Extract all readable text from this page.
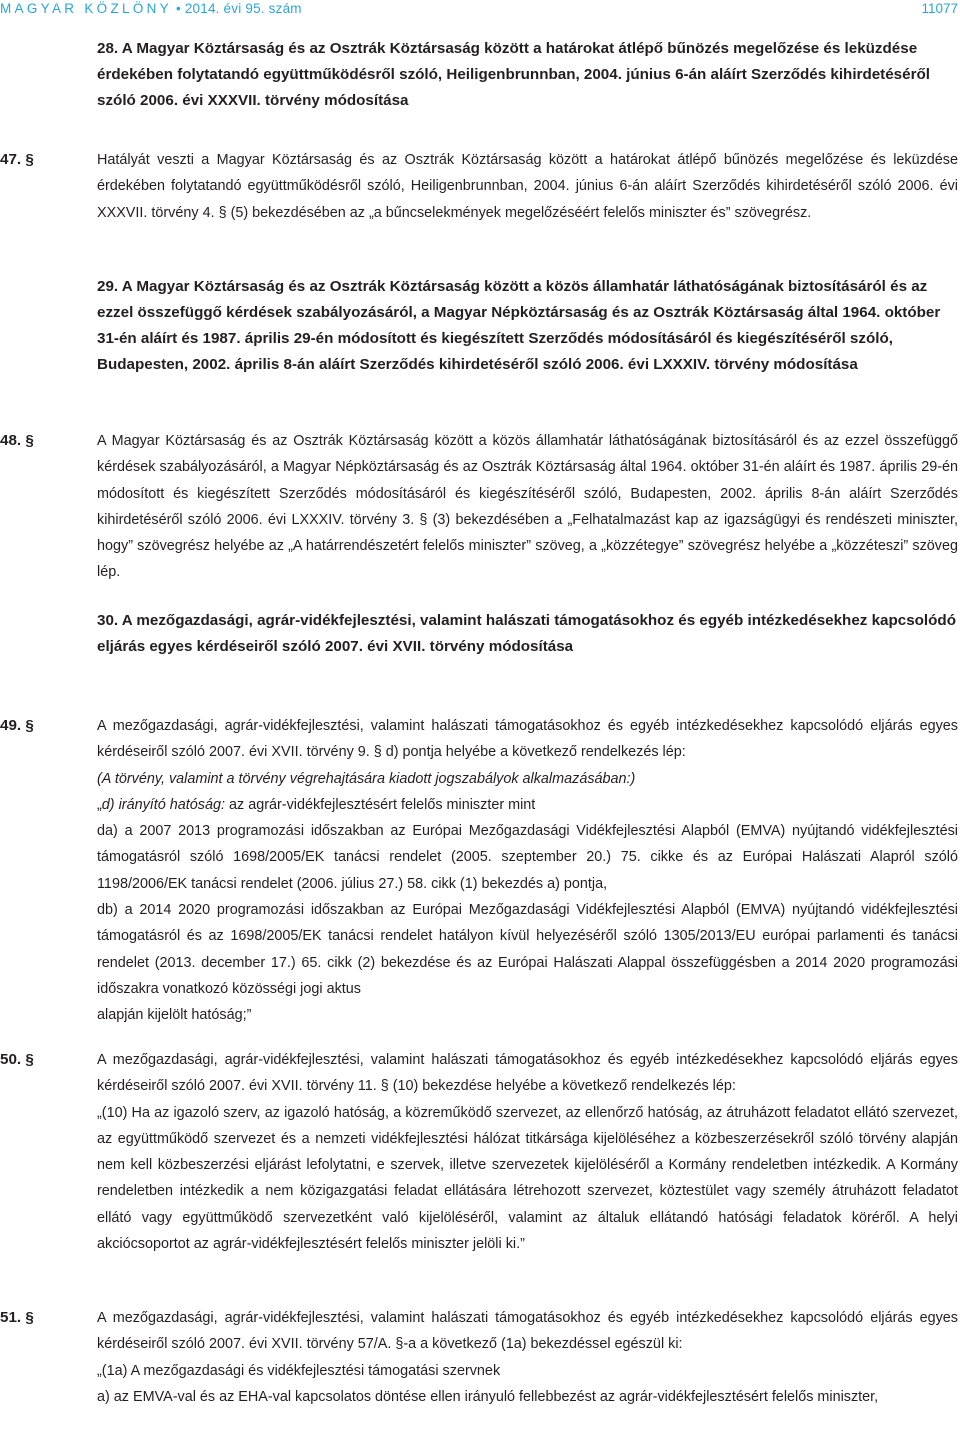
MAGYAR KÖZLÖNY • 2014. évi 95. szám	11077
28. A Magyar Köztársaság és az Osztrák Köztársaság között a határokat átlépő bűnözés megelőzése és leküzdése érdekében folytatandó együttműködésről szóló, Heiligenbrunnban, 2004. június 6-án aláírt Szerződés kihirdetéséről szóló 2006. évi XXXVII. törvény módosítása
47. §	Hatályát veszti a Magyar Köztársaság és az Osztrák Köztársaság között a határokat átlépő bűnözés megelőzése és leküzdése érdekében folytatandó együttműködésről szóló, Heiligenbrunnban, 2004. június 6-án aláírt Szerződés kihirdetéséről szóló 2006. évi XXXVII. törvény 4. § (5) bekezdésében az „a bűncselekmények megelőzéséért felelős miniszter és” szövegrész.
29. A Magyar Köztársaság és az Osztrák Köztársaság között a közös államhatár láthatóságának biztosításáról és az ezzel összefüggő kérdések szabályozásáról, a Magyar Népköztársaság és az Osztrák Köztársaság által 1964. október 31-én aláírt és 1987. április 29-én módosított és kiegészített Szerződés módosításáról és kiegészítéséről szóló, Budapesten, 2002. április 8-án aláírt Szerződés kihirdetéséről szóló 2006. évi LXXXIV. törvény módosítása
48. §	A Magyar Köztársaság és az Osztrák Köztársaság között a közös államhatár láthatóságának biztosításáról és az ezzel összefüggő kérdések szabályozásáról, a Magyar Népköztársaság és az Osztrák Köztársaság által 1964. október 31-én aláírt és 1987. április 29-én módosított és kiegészített Szerződés módosításáról és kiegészítéséről szóló, Budapesten, 2002. április 8-án aláírt Szerződés kihirdetéséről szóló 2006. évi LXXXIV. törvény 3. § (3) bekezdésében a „Felhatalmazást kap az igazságügyi és rendészeti miniszter, hogy” szövegrész helyébe az „A határrendészetért felelős miniszter” szöveg, a „közzétegye” szövegrész helyébe a „közzéteszi” szöveg lép.
30. A mezőgazdasági, agrár-vidékfejlesztési, valamint halászati támogatásokhoz és egyéb intézkedésekhez kapcsolódó eljárás egyes kérdéseiről szóló 2007. évi XVII. törvény módosítása
49. §	A mezőgazdasági, agrár-vidékfejlesztési, valamint halászati támogatásokhoz és egyéb intézkedésekhez kapcsolódó eljárás egyes kérdéseiről szóló 2007. évi XVII. törvény 9. § d) pontja helyébe a következő rendelkezés lép:
(A törvény, valamint a törvény végrehajtására kiadott jogszabályok alkalmazásában:)
„d) irányító hatóság: az agrár-vidékfejlesztésért felelős miniszter mint
da) a 2007 2013 programozási időszakban az Európai Mezőgazdasági Vidékfejlesztési Alapból (EMVA) nyújtandó vidékfejlesztési támogatásról szóló 1698/2005/EK tanácsi rendelet (2005. szeptember 20.) 75. cikke és az Európai Halászati Alapról szóló 1198/2006/EK tanácsi rendelet (2006. július 27.) 58. cikk (1) bekezdés a) pontja,
db) a 2014 2020 programozási időszakban az Európai Mezőgazdasági Vidékfejlesztési Alapból (EMVA) nyújtandó vidékfejlesztési támogatásról és az 1698/2005/EK tanácsi rendelet hatályon kívül helyezéséről szóló 1305/2013/EU európai parlamenti és tanácsi rendelet (2013. december 17.) 65. cikk (2) bekezdése és az Európai Halászati Alappal összefüggésben a 2014 2020 programozási időszakra vonatkozó közösségi jogi aktus
alapján kijelölt hatóság;”
50. §	A mezőgazdasági, agrár-vidékfejlesztési, valamint halászati támogatásokhoz és egyéb intézkedésekhez kapcsolódó eljárás egyes kérdéseiről szóló 2007. évi XVII. törvény 11. § (10) bekezdése helyébe a következő rendelkezés lép:
„(10) Ha az igazoló szerv, az igazoló hatóság, a közreműködő szervezet, az ellenőrző hatóság, az átruházott feladatot ellátó szervezet, az együttműködő szervezet és a nemzeti vidékfejlesztési hálózat titkársága kijelöléséhez a közbeszerzésekről szóló törvény alapján nem kell közbeszerzési eljárást lefolytatni, e szervek, illetve szervezetek kijelöléséről a Kormány rendeletben intézkedik. A Kormány rendeletben intézkedik a nem közigazgatási feladat ellátására létrehozott szervezet, köztestület vagy személy átruházott feladatot ellátó vagy együttműködő szervezetként való kijelöléséről, valamint az általuk ellátandó hatósági feladatok köréről. A helyi akciócsoportot az agrár-vidékfejlesztésért felelős miniszter jelöli ki.”
51. §	A mezőgazdasági, agrár-vidékfejlesztési, valamint halászati támogatásokhoz és egyéb intézkedésekhez kapcsolódó eljárás egyes kérdéseiről szóló 2007. évi XVII. törvény 57/A. §-a a következő (1a) bekezdéssel egészül ki:
„(1a) A mezőgazdasági és vidékfejlesztési támogatási szervnek
a) az EMVA-val és az EHA-val kapcsolatos döntése ellen irányuló fellebbezést az agrár-vidékfejlesztésért felelős miniszter,
